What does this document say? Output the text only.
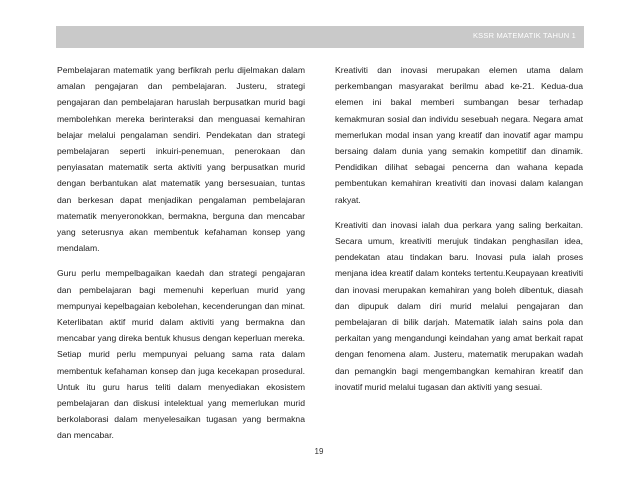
KSSR MATEMATIK TAHUN 1

Pembelajaran matematik yang berfikrah perlu dijelmakan dalam amalan pengajaran dan pembelajaran. Justeru, strategi pengajaran dan pembelajaran haruslah berpusatkan murid bagi membolehkan mereka berinteraksi dan menguasai kemahiran belajar melalui pengalaman sendiri. Pendekatan dan strategi pembelajaran seperti inkuiri-penemuan, penerokaan dan penyiasatan matematik serta aktiviti yang berpusatkan murid dengan berbantukan alat matematik yang bersesuaian, tuntas dan berkesan dapat menjadikan pengalaman pembelajaran matematik menyeronokkan, bermakna, berguna dan mencabar yang seterusnya akan membentuk kefahaman konsep yang mendalam.

Guru perlu mempelbagaikan kaedah dan strategi pengajaran dan pembelajaran bagi memenuhi keperluan murid yang mempunyai kepelbagaian kebolehan, kecenderungan dan minat. Keterlibatan aktif murid dalam aktiviti yang bermakna dan mencabar yang direka bentuk khusus dengan keperluan mereka. Setiap murid perlu mempunyai peluang sama rata dalam membentuk kefahaman konsep dan juga kecekapan prosedural. Untuk itu guru harus teliti dalam menyediakan ekosistem pembelajaran dan diskusi intelektual yang memerlukan murid berkolaborasi dalam menyelesaikan tugasan yang bermakna dan mencabar.

Kreativiti dan inovasi merupakan elemen utama dalam perkembangan masyarakat berilmu abad ke-21. Kedua-dua elemen ini bakal memberi sumbangan besar terhadap kemakmuran sosial dan individu sesebuah negara. Negara amat memerlukan modal insan yang kreatif dan inovatif agar mampu bersaing dalam dunia yang semakin kompetitif dan dinamik. Pendidikan dilihat sebagai pencerna dan wahana kepada pembentukan kemahiran kreativiti dan inovasi dalam kalangan rakyat.

Kreativiti dan inovasi ialah dua perkara yang saling berkaitan. Secara umum, kreativiti merujuk tindakan penghasilan idea, pendekatan atau tindakan baru. Inovasi pula ialah proses menjana idea kreatif dalam konteks tertentu.Keupayaan kreativiti dan inovasi merupakan kemahiran yang boleh dibentuk, diasah dan dipupuk dalam diri murid melalui pengajaran dan pembelajaran di bilik darjah. Matematik ialah sains pola dan perkaitan yang mengandungi keindahan yang amat berkait rapat dengan fenomena alam. Justeru, matematik merupakan wadah dan pemangkin bagi mengembangkan kemahiran kreatif dan inovatif murid melalui tugasan dan aktiviti yang sesuai.

19
